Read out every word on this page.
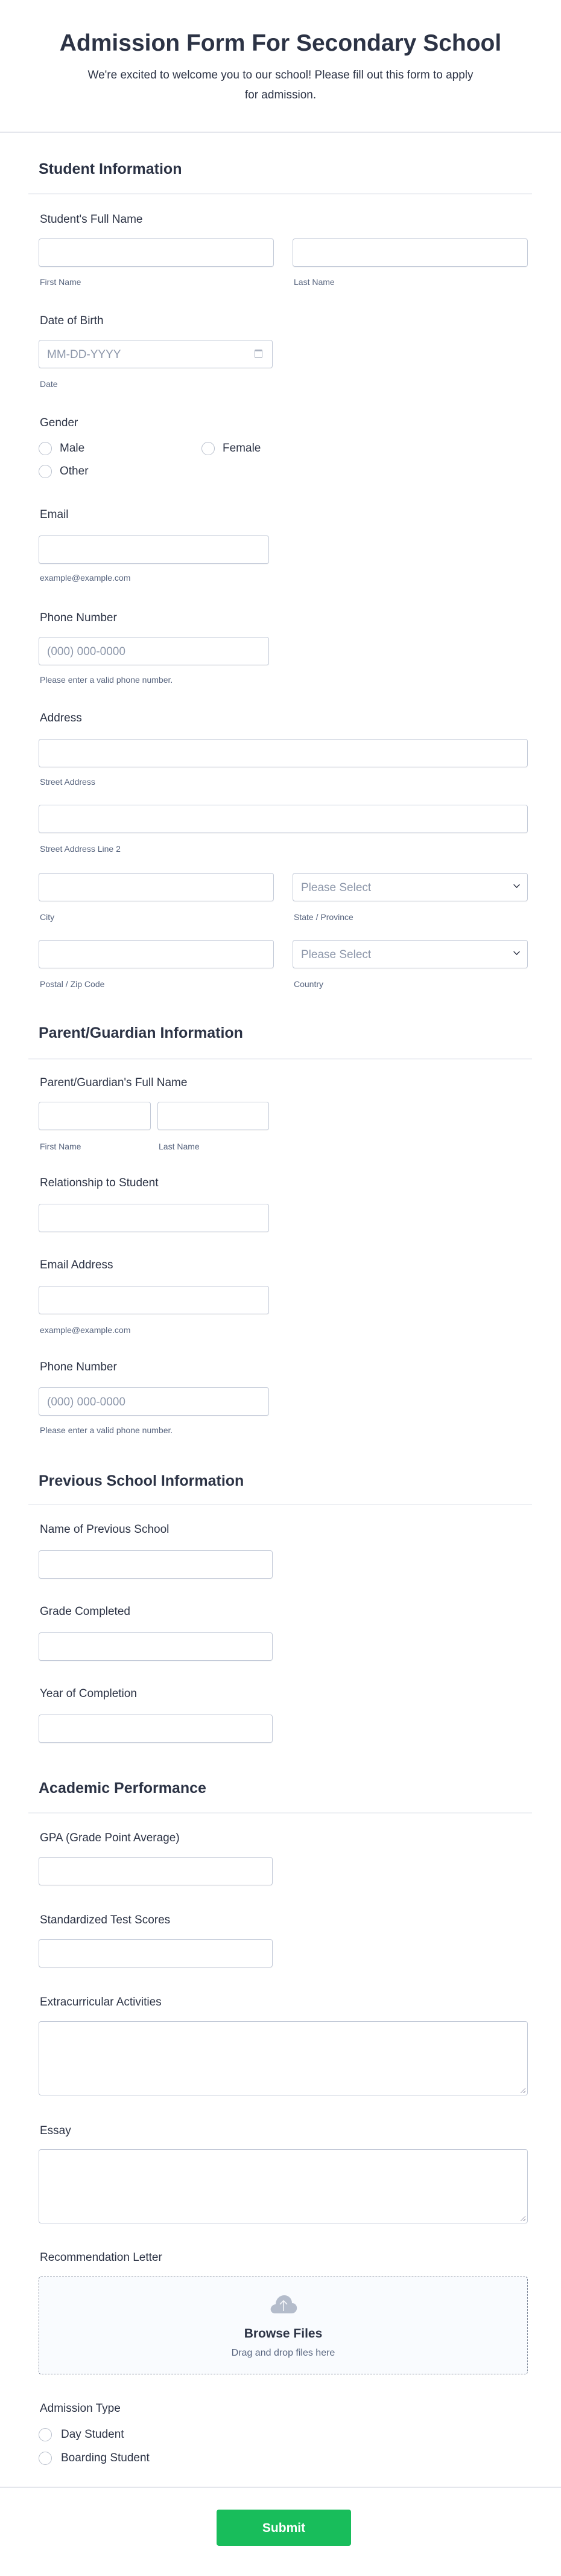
Admission Form For Secondary School
We're excited to welcome you to our school! Please fill out this form to apply for admission.
Student Information
Student's Full Name
First Name	Last Name
Date of Birth
MM-DD-YYYY
Date
Gender
Male	Female
Other
Email
example@example.com
Phone Number
(000) 000-0000
Please enter a valid phone number.
Address
Street Address
Street Address Line 2
Please Select
City	State / Province
Please Select
Postal / Zip Code	Country
Parent/Guardian Information
Parent/Guardian's Full Name
First Name	Last Name
Relationship to Student
Email Address
example@example.com
Phone Number
(000) 000-0000
Please enter a valid phone number.
Previous School Information
Name of Previous School
Grade Completed
Year of Completion
Academic Performance
GPA (Grade Point Average)
Standardized Test Scores
Extracurricular Activities
Essay
Recommendation Letter
Browse Files
Drag and drop files here
Admission Type
Day Student
Boarding Student
Submit
